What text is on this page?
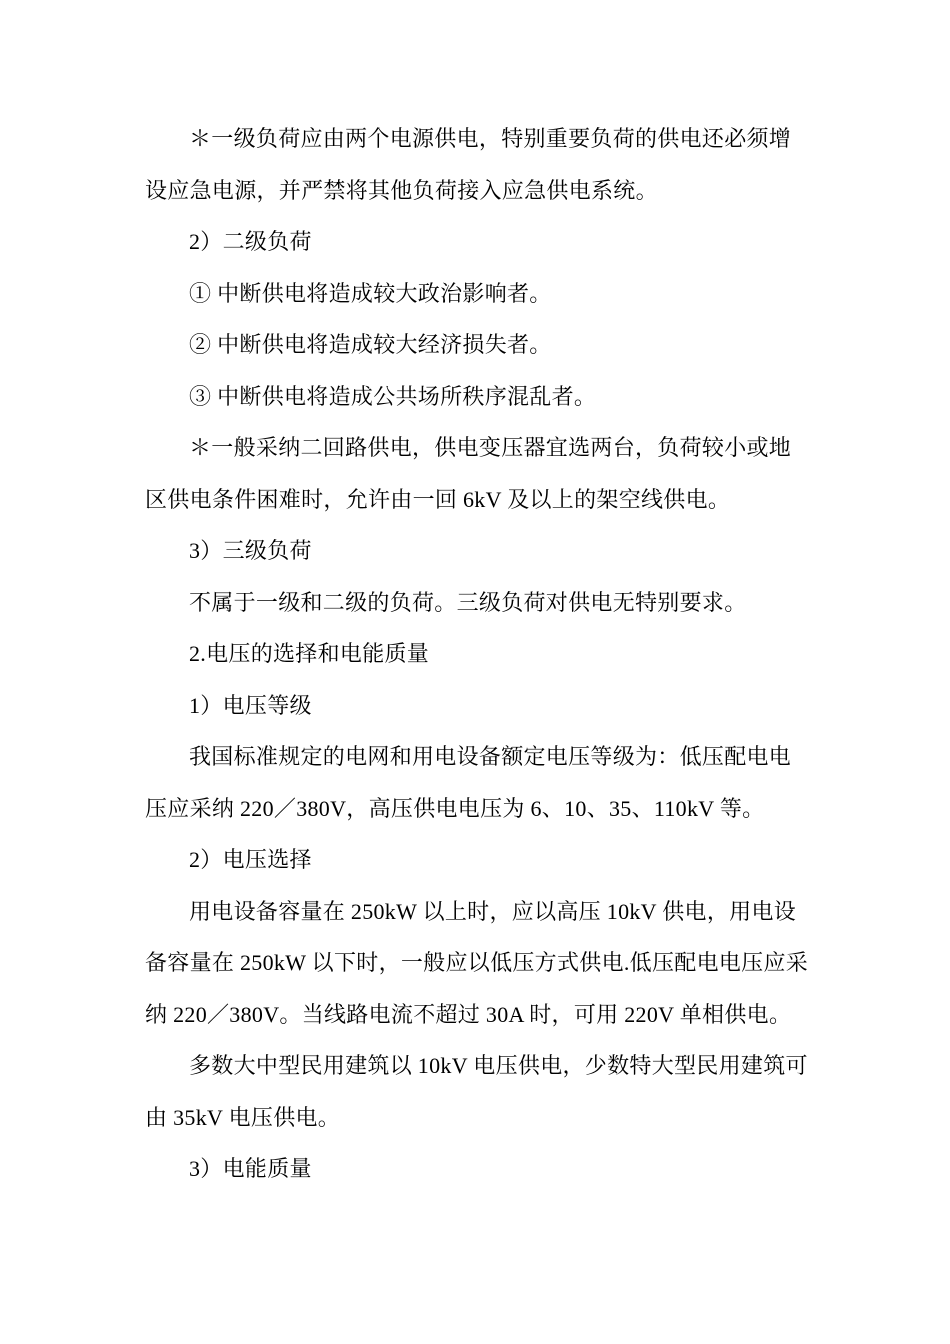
＊一级负荷应由两个电源供电，特别重要负荷的供电还必须增
设应急电源，并严禁将其他负荷接入应急供电系统。
2）二级负荷
① 中断供电将造成较大政治影响者。
② 中断供电将造成较大经济损失者。
③ 中断供电将造成公共场所秩序混乱者。
＊一般采纳二回路供电，供电变压器宜选两台，负荷较小或地
区供电条件困难时，允许由一回 6kV 及以上的架空线供电。
3）三级负荷
不属于一级和二级的负荷。三级负荷对供电无特别要求。
2.电压的选择和电能质量
1）电压等级
我国标准规定的电网和用电设备额定电压等级为：低压配电电
压应采纳 220／380V，高压供电电压为 6、10、35、110kV 等。
2）电压选择
用电设备容量在 250kW 以上时，应以高压 10kV 供电，用电设
备容量在 250kW 以下时，一般应以低压方式供电.低压配电电压应采
纳 220／380V。当线路电流不超过 30A 时，可用 220V 单相供电。
多数大中型民用建筑以 10kV 电压供电，少数特大型民用建筑可
由 35kV 电压供电。
3）电能质量
